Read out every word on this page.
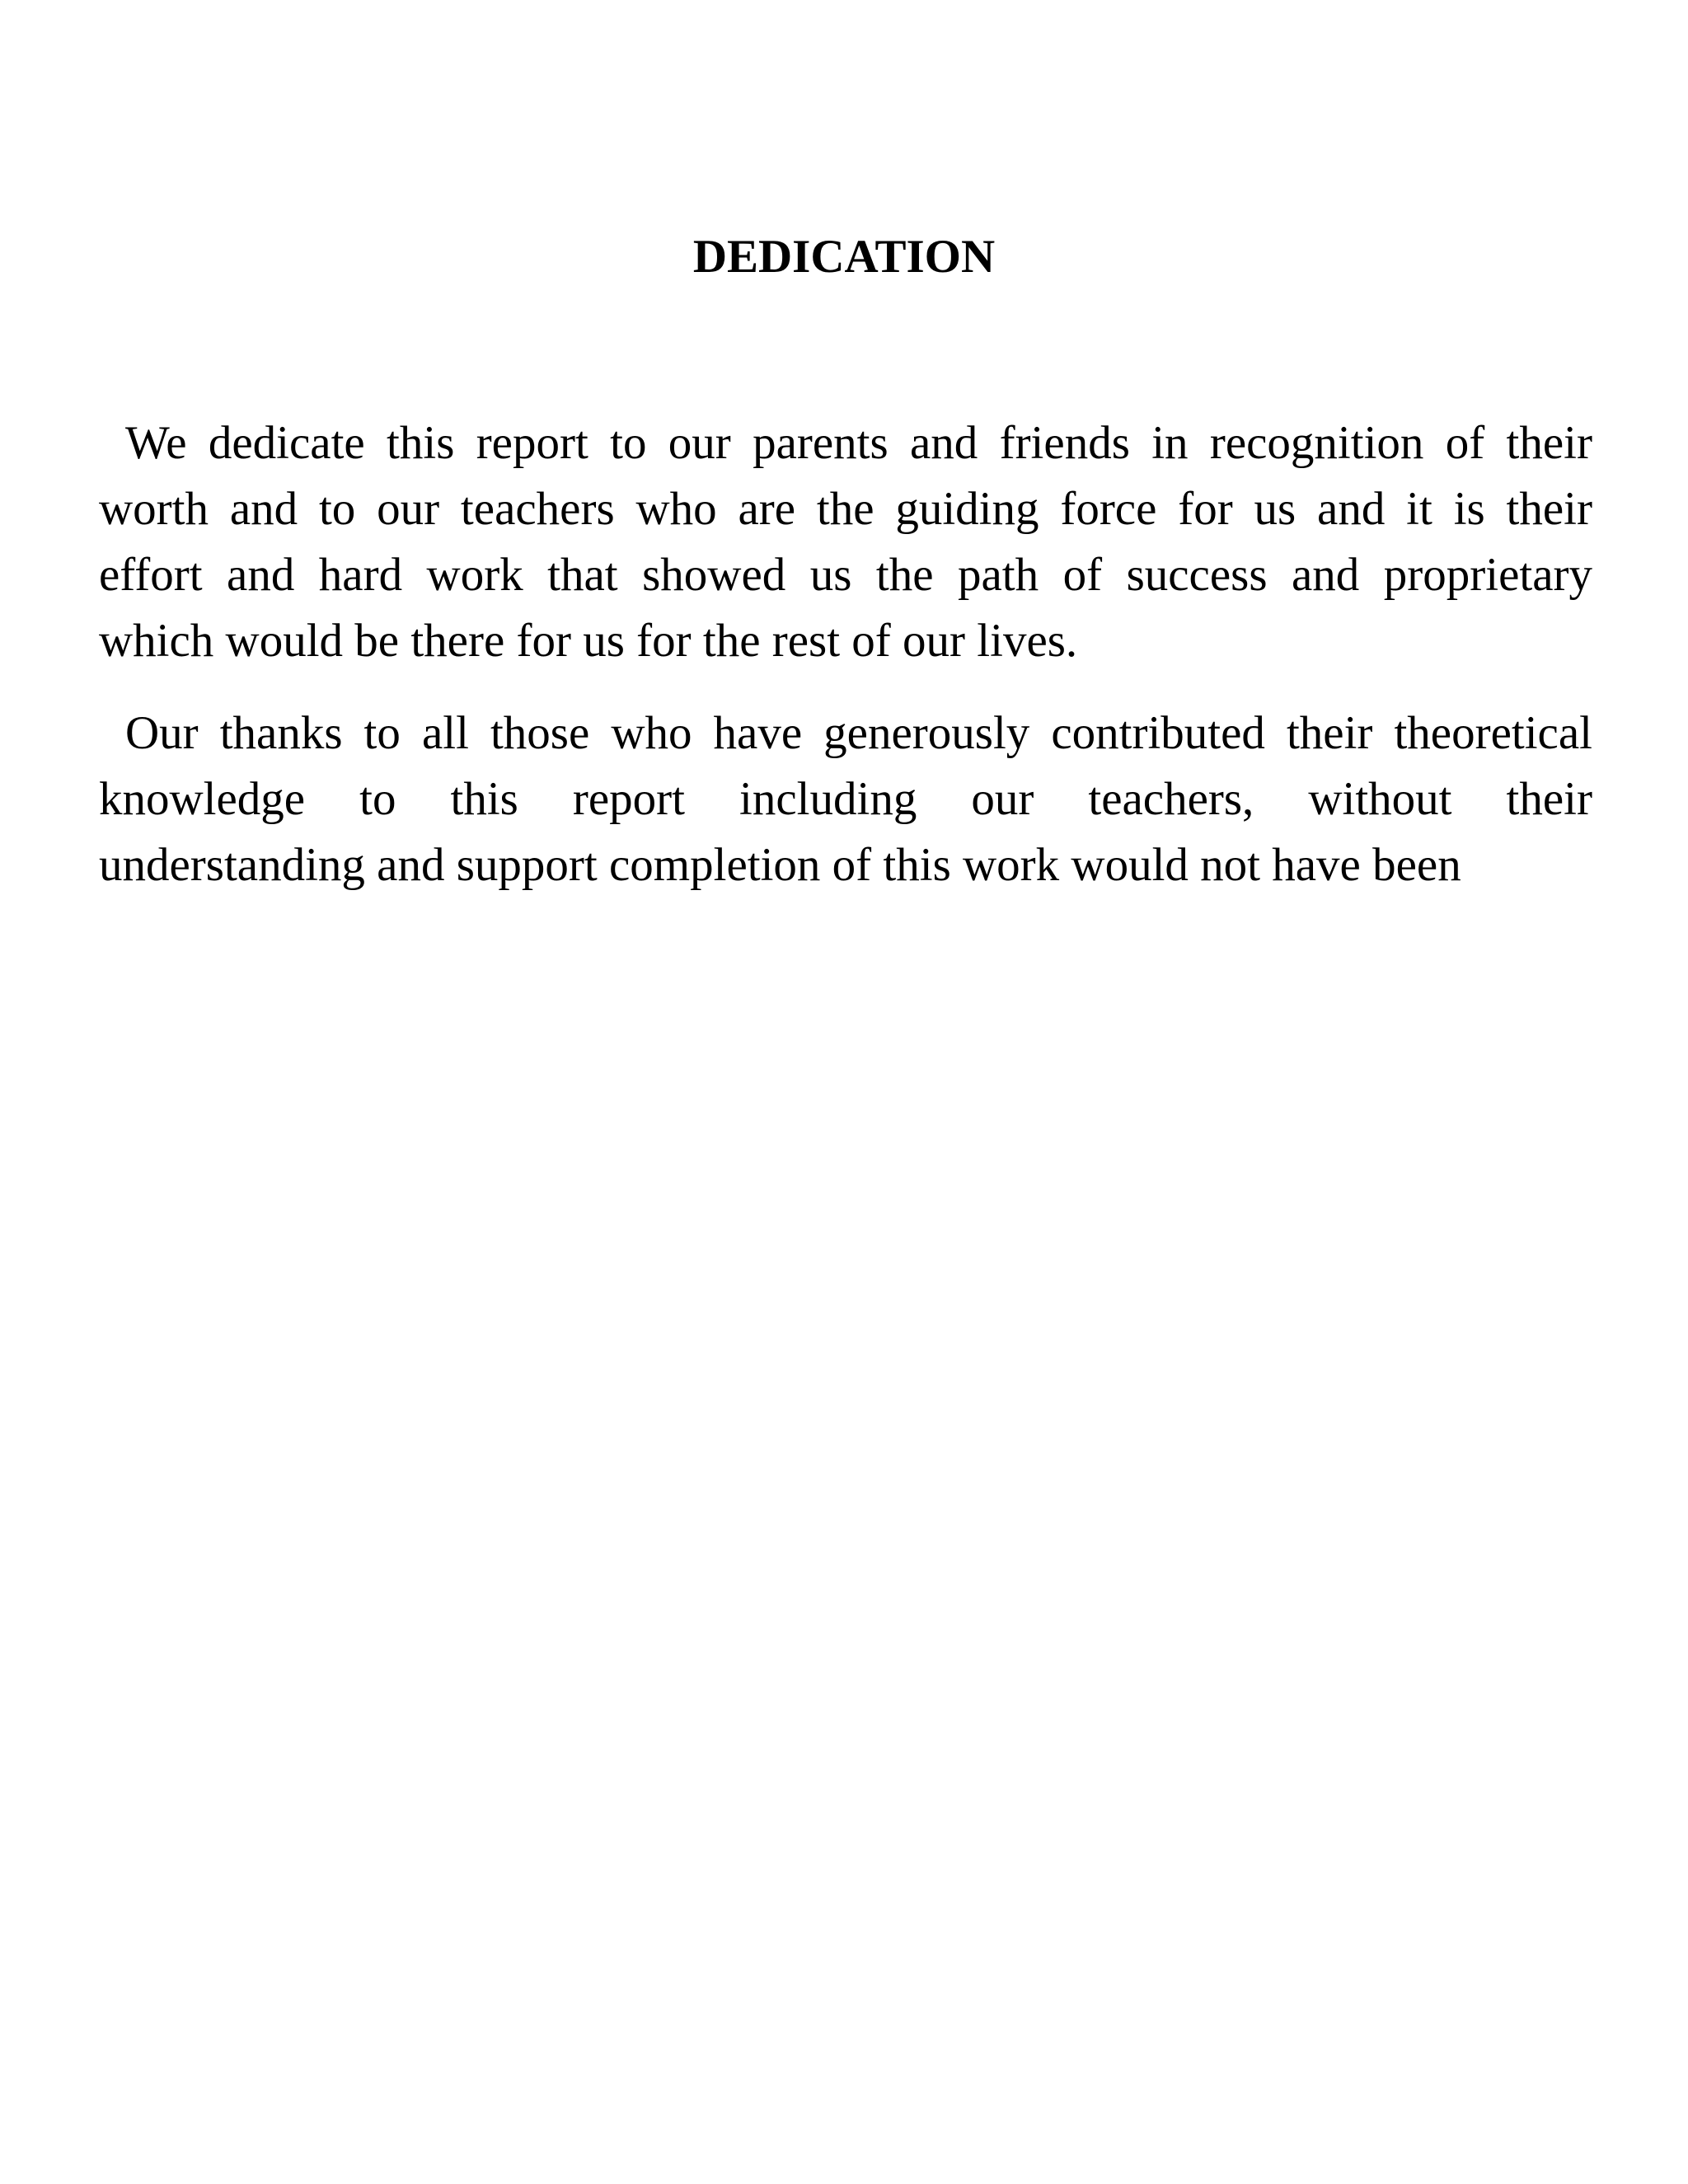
DEDICATION
We dedicate this report to our parents and friends in recognition of their
worth and to our teachers who are the guiding force for us and it is their
effort and hard work that showed us the path of success and proprietary
which would be there for us for the rest of our lives.
Our thanks to all those who have generously contributed their theoretical
knowledge to this report including our teachers, without their
understanding and support completion of this work would not have been
